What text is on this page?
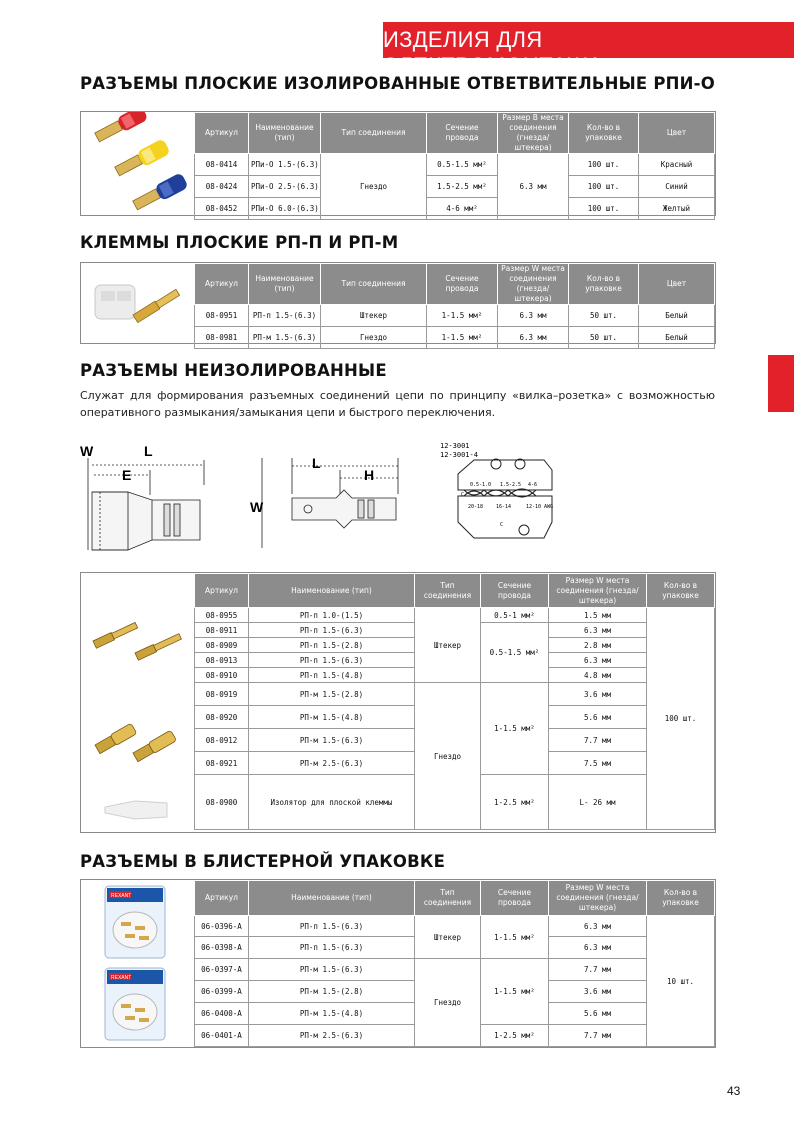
ИЗДЕЛИЯ ДЛЯ ЭЛЕКТРОМОНТАЖА
РАЗЪЕМЫ ПЛОСКИЕ ИЗОЛИРОВАННЫЕ ОТВЕТВИТЕЛЬНЫЕ РПИ-О
Артикул	Наименование (тип)	Тип соединения	Сечение провода	Размер В места соединения (гнезда/штекера)	Кол-во в упаковке	Цвет
08-0414	РПи-О 1.5-(6.3)	Гнездо	0.5-1.5 мм²	6.3 мм	100 шт.	Красный
08-0424	РПи-О 2.5-(6.3)		1.5-2.5 мм²		100 шт.	Синий
08-0452	РПи-О 6.0-(6.3)		4-6 мм²		100 шт.	Желтый
КЛЕММЫ ПЛОСКИЕ РП-П И РП-М
Артикул	Наименование (тип)	Тип соединения	Сечение провода	Размер W места соединения (гнезда/штекера)	Кол-во в упаковке	Цвет
08-0951	РП-п 1.5-(6.3)	Штекер	1-1.5 мм²	6.3 мм	50 шт.	Белый
08-0981	РП-м 1.5-(6.3)	Гнездо	1-1.5 мм²	6.3 мм	50 шт.	Белый
РАЗЪЕМЫ НЕИЗОЛИРОВАННЫЕ

Служат для формирования разъемных соединений цепи по принципу «вилка–розетка» с возможностью оперативного размыкания/замыкания цепи и быстрого переключения.

W	L
E
W
L
H
12-3001
12-3001-4
0.5-1.0 1.5-2.5 4-6
20-18	16-14	12-10 AWG
C
C
Артикул	Наименование (тип)	Тип соединения	Сечение провода	Размер W места соединения (гнезда/штекера)	Кол-во в упаковке
08-0955	РП-п 1.0-(1.5)	Штекер	0.5-1 мм²	1.5 мм	100 шт.
08-0911	РП-п 1.5-(6.3)		0.5-1.5 мм²	6.3 мм	
08-0909	РП-п 1.5-(2.8)			2.8 мм	
08-0913	РП-п 1.5-(6.3)			6.3 мм	
08-0910	РП-п 1.5-(4.8)			4.8 мм	
08-0919	РП-м 1.5-(2.8)	Гнездо	1-1.5 мм²	3.6 мм	
08-0920	РП-м 1.5-(4.8)			5.6 мм	
08-0912	РП-м 1.5-(6.3)			7.7 мм	
08-0921	РП-м 2.5-(6.3)			7.5 мм	
08-0900	Изолятор для плоской клеммы		1-2.5 мм²	L- 26 мм	
РАЗЪЕМЫ В БЛИСТЕРНОЙ УПАКОВКЕ
REXANT
REXANT
Артикул	Наименование (тип)	Тип соединения	Сечение провода	Размер W места соединения (гнезда/штекера)	Кол-во в упаковке
06-0396-А	РП-п 1.5-(6.3)	Штекер	1-1.5 мм²	6.3 мм	10 шт.
06-0398-А	РП-п 1.5-(6.3)			6.3 мм	
06-0397-А	РП-м 1.5-(6.3)	Гнездо	1-1.5 мм²	7.7 мм	
06-0399-А	РП-м 1.5-(2.8)			3.6 мм	
06-0400-А	РП-м 1.5-(4.8)			5.6 мм	
06-0401-А	РП-м 2.5-(6.3)		1-2.5 мм²	7.7 мм	
43
